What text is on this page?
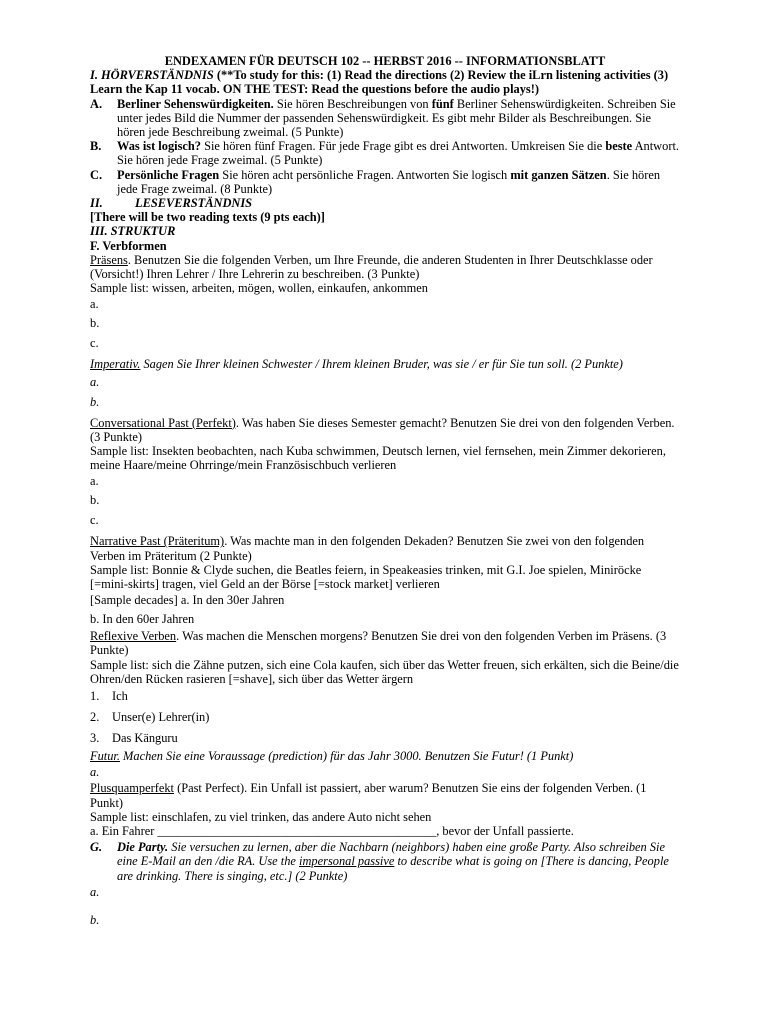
ENDEXAMEN FÜR DEUTSCH 102 -- HERBST 2016 -- INFORMATIONSBLATT

I. HÖRVERSTÄNDNIS (**To study for this: (1) Read the directions (2) Review the iLrn listening activities (3) Learn the Kap 11 vocab. ON THE TEST: Read the questions before the audio plays!)

A.	Berliner Sehenswürdigkeiten. Sie hören Beschreibungen von fünf Berliner Sehenswürdigkeiten. Schreiben Sie unter jedes Bild die Nummer der passenden Sehenswürdigkeit. Es gibt mehr Bilder als Beschreibungen. Sie hören jede Beschreibung zweimal. (5 Punkte)
B.	Was ist logisch? Sie hören fünf Fragen. Für jede Frage gibt es drei Antworten. Umkreisen Sie die beste Antwort. Sie hören jede Frage zweimal. (5 Punkte)
C.	Persönliche Fragen Sie hören acht persönliche Fragen. Antworten Sie logisch mit ganzen Sätzen. Sie hören jede Frage zweimal. (8 Punkte)
II.	LESEVERSTÄNDNIS

[There will be two reading texts (9 pts each)]

III. STRUKTUR

F. Verbformen

Präsens. Benutzen Sie die folgenden Verben, um Ihre Freunde, die anderen Studenten in Ihrer Deutschklasse oder (Vorsicht!) Ihren Lehrer / Ihre Lehrerin zu beschreiben. (3 Punkte)

Sample list: wissen, arbeiten, mögen, wollen, einkaufen, ankommen

a.

b.

c.

Imperativ. Sagen Sie Ihrer kleinen Schwester / Ihrem kleinen Bruder, was sie / er für Sie tun soll. (2 Punkte)

a.

b.

Conversational Past (Perfekt). Was haben Sie dieses Semester gemacht? Benutzen Sie drei von den folgenden Verben. (3 Punkte)

Sample list: Insekten beobachten, nach Kuba schwimmen, Deutsch lernen, viel fernsehen, mein Zimmer dekorieren, meine Haare/meine Ohrringe/mein Französischbuch verlieren

a.

b.

c.

Narrative Past (Präteritum). Was machte man in den folgenden Dekaden? Benutzen Sie zwei von den folgenden Verben im Präteritum (2 Punkte)

Sample list: Bonnie & Clyde suchen, die Beatles feiern, in Speakeasies trinken, mit G.I. Joe spielen, Miniröcke [=mini-skirts] tragen, viel Geld an der Börse [=stock market] verlieren

[Sample decades] a. In den 30er Jahren

b. In den 60er Jahren

Reflexive Verben. Was machen die Menschen morgens? Benutzen Sie drei von den folgenden Verben im Präsens. (3 Punkte)

Sample list: sich die Zähne putzen, sich eine Cola kaufen, sich über das Wetter freuen, sich erkälten, sich die Beine/die Ohren/den Rücken rasieren [=shave], sich über das Wetter ärgern

1.	Ich
2.	Unser(e) Lehrer(in)
3.	Das Känguru

Futur. Machen Sie eine Voraussage (prediction) für das Jahr 3000. Benutzen Sie Futur! (1 Punkt)

a.

Plusquamperfekt (Past Perfect). Ein Unfall ist passiert, aber warum? Benutzen Sie eins der folgenden Verben. (1 Punkt)

Sample list: einschlafen, zu viel trinken, das andere Auto nicht sehen

a. Ein Fahrer _____________________________________________, bevor der Unfall passierte.

G.	Die Party. Sie versuchen zu lernen, aber die Nachbarn (neighbors) haben eine große Party. Also schreiben Sie eine E-Mail an den /die RA. Use the impersonal passive to describe what is going on [There is dancing, People are drinking. There is singing, etc.] (2 Punkte)

a.

b.
